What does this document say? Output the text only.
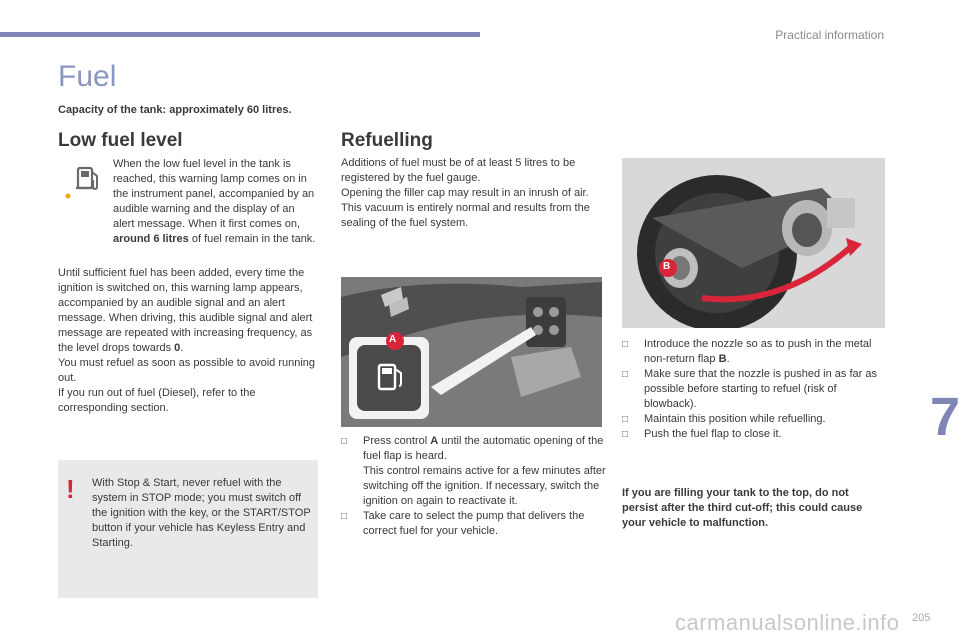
Practical information
Fuel
Capacity of the tank: approximately 60 litres.
Low fuel level

When the low fuel level in the tank is reached, this warning lamp comes on in the instrument panel, accompanied by an audible warning and the display of an alert message. When it first comes on, around 6 litres of fuel remain in the tank.

Until sufficient fuel has been added, every time the ignition is switched on, this warning lamp appears, accompanied by an audible signal and an alert message. When driving, this audible signal and alert message are repeated with increasing frequency, as the level drops towards 0.

You must refuel as soon as possible to avoid running out.

If you run out of fuel (Diesel), refer to the corresponding section.

! With Stop & Start, never refuel with the system in STOP mode; you must switch off the ignition with the key, or the START/STOP button if your vehicle has Keyless Entry and Starting.

Refuelling

Additions of fuel must be of at least 5 litres to be registered by the fuel gauge.

Opening the filler cap may result in an inrush of air. This vacuum is entirely normal and results from the sealing of the fuel system.

A
B
□ Press control A until the automatic opening of the fuel flap is heard.
This control remains active for a few minutes after switching off the ignition. If necessary, switch the ignition on again to reactivate it.
□ Take care to select the pump that delivers the correct fuel for your vehicle.
□ Introduce the nozzle so as to push in the metal non-return flap B.
□ Make sure that the nozzle is pushed in as far as possible before starting to refuel (risk of blowback).
□ Maintain this position while refuelling.
□ Push the fuel flap to close it.

If you are filling your tank to the top, do not persist after the third cut-off; this could cause your vehicle to malfunction.

7
carmanualsonline.info 205
